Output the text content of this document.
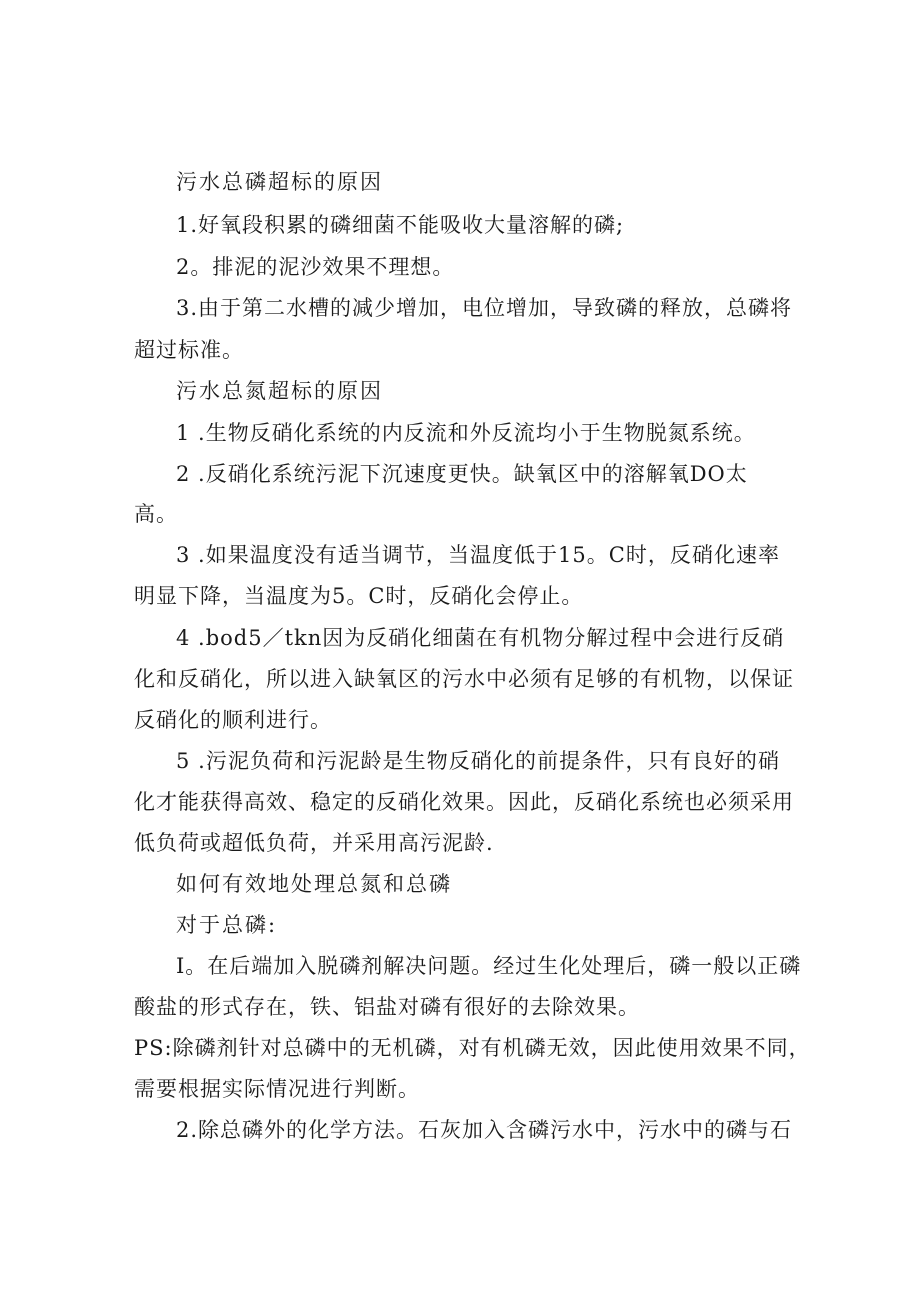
污水总磷超标的原因

1.好氧段积累的磷细菌不能吸收大量溶解的磷;

2。排泥的泥沙效果不理想。

3.由于第二水槽的减少增加，电位增加，导致磷的释放，总磷将

超过标准。

污水总氮超标的原因

1 .生物反硝化系统的内反流和外反流均小于生物脱氮系统。

2 .反硝化系统污泥下沉速度更快。缺氧区中的溶解氧DO太

高。

3 .如果温度没有适当调节，当温度低于15。C时，反硝化速率

明显下降，当温度为5。C时，反硝化会停止。

4 .bod5／tkn因为反硝化细菌在有机物分解过程中会进行反硝

化和反硝化，所以进入缺氧区的污水中必须有足够的有机物，以保证

反硝化的顺利进行。

5 .污泥负荷和污泥龄是生物反硝化的前提条件，只有良好的硝

化才能获得高效、稳定的反硝化效果。因此，反硝化系统也必须采用

低负荷或超低负荷，并采用高污泥龄.

如何有效地处理总氮和总磷

对于总磷:

I。在后端加入脱磷剂解决问题。经过生化处理后，磷一般以正磷

酸盐的形式存在，铁、铝盐对磷有很好的去除效果。

PS:除磷剂针对总磷中的无机磷，对有机磷无效，因此使用效果不同，

需要根据实际情况进行判断。

2.除总磷外的化学方法。石灰加入含磷污水中，污水中的磷与石
